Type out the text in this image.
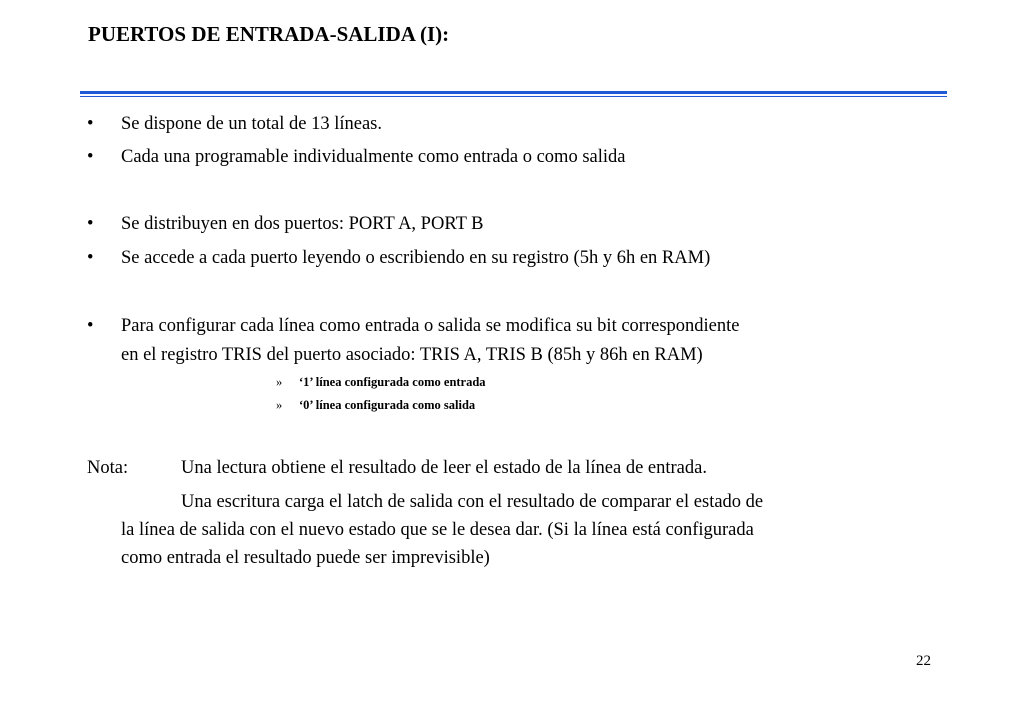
PUERTOS DE ENTRADA-SALIDA (I):
• Se dispone de un total de 13 líneas.
• Cada una programable individualmente como entrada o como salida
• Se distribuyen en dos puertos: PORT A, PORT B
• Se accede a cada puerto leyendo o escribiendo en su registro (5h y 6h en RAM)
• Para configurar cada línea como entrada o salida se modifica su bit correspondiente
en el registro TRIS del puerto asociado: TRIS A, TRIS B (85h y 86h en RAM)
» ‘1’ línea configurada como entrada
» ‘0’ línea configurada como salida
Nota:	Una lectura obtiene el resultado de leer el estado de la línea de entrada.
Una escritura carga el latch de salida con el resultado de comparar el estado de
la línea de salida con el nuevo estado que se le desea dar. (Si la línea está configurada
como entrada el resultado puede ser imprevisible)
22
